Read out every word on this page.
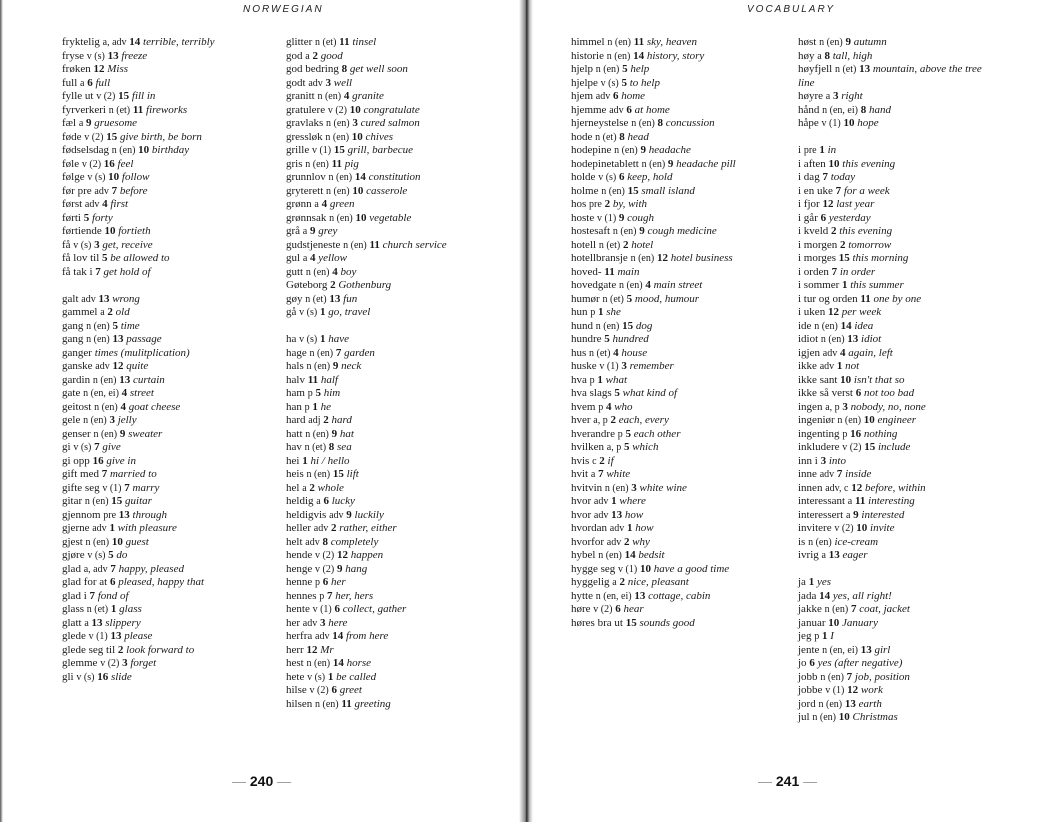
NORWEGIAN
fryktelig a, adv 14 terrible, terribly
fryse v (s) 13 freeze
frøken 12 Miss
full a 6 full
fylle ut v (2) 15 fill in
fyrverkeri n (et) 11 fireworks
fæl a 9 gruesome
føde v (2) 15 give birth, be born
fødselsdag n (en) 10 birthday
føle v (2) 16 feel
følge v (s) 10 follow
før pre adv 7 before
først adv 4 first
førti 5 forty
førtiende 10 fortieth
få v (s) 3 get, receive
få lov til 5 be allowed to
få tak i 7 get hold of
galt adv 13 wrong
gammel a 2 old
gang n (en) 5 time
gang n (en) 13 passage
ganger times (mulitplication)
ganske adv 12 quite
gardin n (en) 13 curtain
gate n (en, ei) 4 street
geitost n (en) 4 goat cheese
gele n (en) 3 jelly
genser n (en) 9 sweater
gi v (s) 7 give
gi opp 16 give in
gift med 7 married to
gifte seg v (1) 7 marry
gitar n (en) 15 guitar
gjennom pre 13 through
gjerne adv 1 with pleasure
gjest n (en) 10 guest
gjøre v (s) 5 do
glad a, adv 7 happy, pleased
glad for at 6 pleased, happy that
glad i 7 fond of
glass n (et) 1 glass
glatt a 13 slippery
glede v (1) 13 please
glede seg til 2 look forward to
glemme v (2) 3 forget
gli v (s) 16 slide
glitter n (et) 11 tinsel
god a 2 good
god bedring 8 get well soon
godt adv 3 well
granitt n (en) 4 granite
gratulere v (2) 10 congratulate
gravlaks n (en) 3 cured salmon
gressløk n (en) 10 chives
grille v (1) 15 grill, barbecue
gris n (en) 11 pig
grunnlov n (en) 14 constitution
gryterett n (en) 10 casserole
grønn a 4 green
grønnsak n (en) 10 vegetable
grå a 9 grey
gudstjeneste n (en) 11 church service
gul a 4 yellow
gutt n (en) 4 boy
Gøteborg 2 Gothenburg
gøy n (et) 13 fun
gå v (s) 1 go, travel
ha v (s) 1 have
hage n (en) 7 garden
hals n (en) 9 neck
halv 11 half
ham p 5 him
han p 1 he
hard adj 2 hard
hatt n (en) 9 hat
hav n (et) 8 sea
hei 1 hi / hello
heis n (en) 15 lift
hel a 2 whole
heldig a 6 lucky
heldigvis adv 9 luckily
heller adv 2 rather, either
helt adv 8 completely
hende v (2) 12 happen
henge v (2) 9 hang
henne p 6 her
hennes p 7 her, hers
hente v (1) 6 collect, gather
her adv 3 here
herfra adv 14 from here
herr 12 Mr
hest n (en) 14 horse
hete v (s) 1 be called
hilse v (2) 6 greet
hilsen n (en) 11 greeting
— 240 —
VOCABULARY
himmel n (en) 11 sky, heaven
historie n (en) 14 history, story
hjelp n (en) 5 help
hjelpe v (s) 5 to help
hjem adv 6 home
hjemme adv 6 at home
hjerneystelse n (en) 8 concussion
hode n (et) 8 head
hodepine n (en) 9 headache
hodepinetablett n (en) 9 headache pill
holde v (s) 6 keep, hold
holme n (en) 15 small island
hos pre 2 by, with
hoste v (1) 9 cough
hostesaft n (en) 9 cough medicine
hotell n (et) 2 hotel
hotellbransje n (en) 12 hotel business
hoved- 11 main
hovedgate n (en) 4 main street
humør n (et) 5 mood, humour
hun p 1 she
hund n (en) 15 dog
hundre 5 hundred
hus n (et) 4 house
huske v (1) 3 remember
hva p 1 what
hva slags 5 what kind of
hvem p 4 who
hver a, p 2 each, every
hverandre p 5 each other
hvilken a, p 5 which
hvis c 2 if
hvit a 7 white
hvitvin n (en) 3 white wine
hvor adv 1 where
hvor adv 13 how
hvordan adv 1 how
hvorfor adv 2 why
hybel n (en) 14 bedsit
hygge seg v (1) 10 have a good time
hyggelig a 2 nice, pleasant
hytte n (en, ei) 13 cottage, cabin
høre v (2) 6 hear
høres bra ut 15 sounds good
høst n (en) 9 autumn
høy a 8 tall, high
høyfjell n (et) 13 mountain, above the tree line
høyre a 3 right
hånd n (en, ei) 8 hand
håpe v (1) 10 hope
i pre 1 in
i aften 10 this evening
i dag 7 today
i en uke 7 for a week
i fjor 12 last year
i går 6 yesterday
i kveld 2 this evening
i morgen 2 tomorrow
i morges 15 this morning
i orden 7 in order
i sommer 1 this summer
i tur og orden 11 one by one
i uken 12 per week
ide n (en) 14 idea
idiot n (en) 13 idiot
igjen adv 4 again, left
ikke adv 1 not
ikke sant 10 isn't that so
ikke så verst 6 not too bad
ingen a, p 3 nobody, no, none
ingeniør n (en) 10 engineer
ingenting p 16 nothing
inkludere v (2) 15 include
inn i 3 into
inne adv 7 inside
innen adv, c 12 before, within
interessant a 11 interesting
interessert a 9 interested
invitere v (2) 10 invite
is n (en) ice-cream
ivrig a 13 eager
ja 1 yes
jada 14 yes, all right!
jakke n (en) 7 coat, jacket
januar 10 January
jeg p 1 I
jente n (en, ei) 13 girl
jo 6 yes (after negative)
jobb n (en) 7 job, position
jobbe v (1) 12 work
jord n (en) 13 earth
jul n (en) 10 Christmas
— 241 —
